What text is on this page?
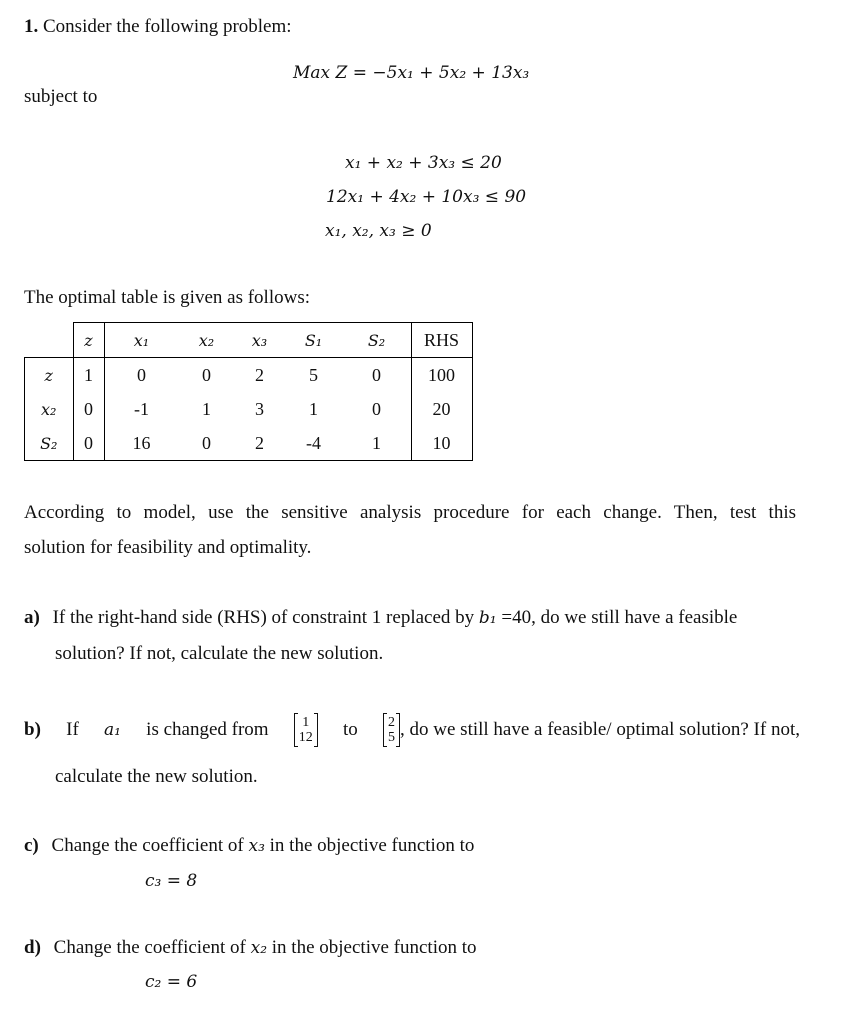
1. Consider the following problem:
Max Z = −5x₁ + 5x₂ + 13x₃
subject to
x₁ + x₂ + 3x₃ ≤ 20
12x₁ + 4x₂ + 10x₃ ≤ 90
x₁, x₂, x₃ ≥ 0
The optimal table is given as follows:
	z	x₁	x₂	x₃	S₁	S₂	RHS
z	1	0	0	2	5	0	100
x₂	0	-1	1	3	1	0	20
S₂	0	16	0	2	-4	1	10
According to model, use the sensitive analysis procedure for each change. Then, test this
solution for feasibility and optimality.
a) If the right-hand side (RHS) of constraint 1 replaced by b₁ =40, do we still have a feasible
solution? If not, calculate the new solution.
b) If a₁ is changed from 1
12 to 2
5 , do we still have a feasible/ optimal solution? If not,
calculate the new solution.
c) Change the coefficient of x₃ in the objective function to
c₃ = 8
d) Change the coefficient of x₂ in the objective function to
c₂ = 6
